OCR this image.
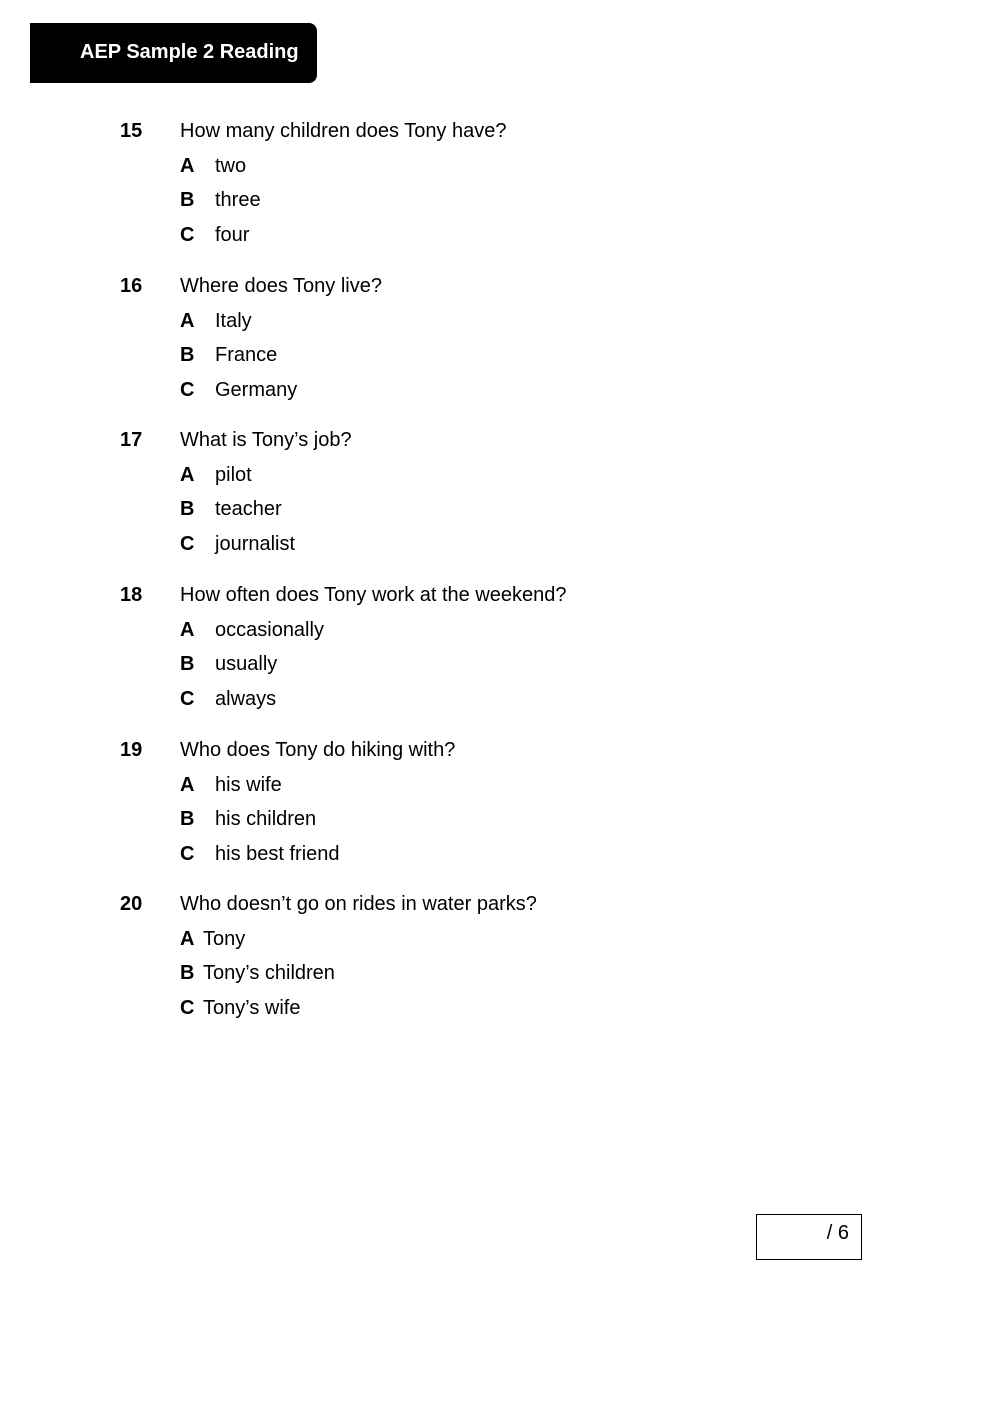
AEP Sample 2 Reading
15 How many children does Tony have?
A two
B three
C four
16 Where does Tony live?
A Italy
B France
C Germany
17 What is Tony’s job?
A pilot
B teacher
C journalist
18 How often does Tony work at the weekend?
A occasionally
B usually
C always
19 Who does Tony do hiking with?
A his wife
B his children
C his best friend
20 Who doesn’t go on rides in water parks?
A Tony
B Tony’s children
C Tony’s wife
/ 6
